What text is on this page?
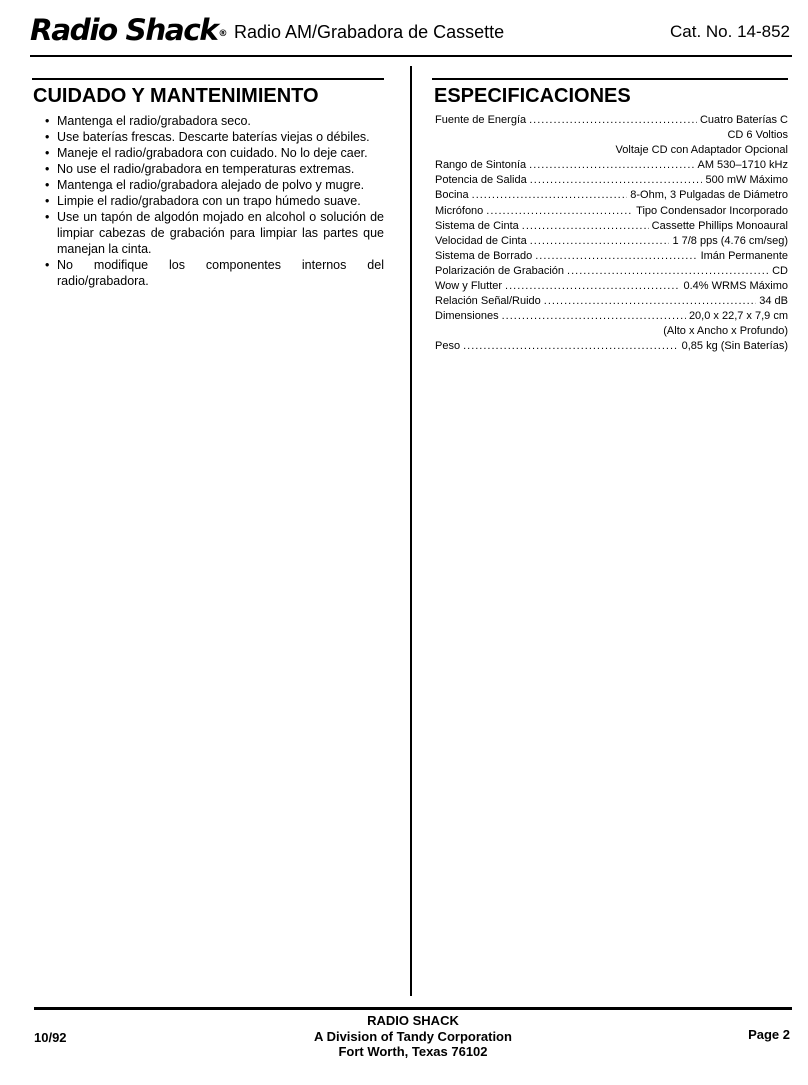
Radio Shack® Radio AM/Grabadora de Cassette	Cat. No. 14-852
CUIDADO Y MANTENIMIENTO
• Mantenga el radio/grabadora seco.
• Use baterías frescas. Descarte baterías viejas o débiles.
• Maneje el radio/grabadora con cuidado. No lo deje caer.
• No use el radio/grabadora en temperaturas extremas.
• Mantenga el radio/grabadora alejado de polvo y mugre.
• Limpie el radio/grabadora con un trapo húmedo suave.
• Use un tapón de algodón mojado en alcohol o solución de limpiar cabezas de grabación para limpiar las partes que manejan la cinta.
• No modifique los componentes internos del radio/grabadora.
ESPECIFICACIONES
Fuente de Energía .....	Cuatro Baterías C
CD 6 Voltios
Voltaje CD con Adaptador Opcional
Rango de Sintonía .....	AM 530–1710 kHz
Potencia de Salida .....	500 mW Máximo
Bocina .....	8-Ohm, 3 Pulgadas de Diámetro
Micrófono .....	Tipo Condensador Incorporado
Sistema de Cinta .....	Cassette Phillips Monoaural
Velocidad de Cinta .....	1 7/8 pps (4.76 cm/seg)
Sistema de Borrado .....	Imán Permanente
Polarización de Grabación .....	CD
Wow y Flutter .....	0.4% WRMS Máximo
Relación Señal/Ruido .....	34 dB
Dimensiones .....	20,0 x 22,7 x 7,9 cm
(Alto x Ancho x Profundo)
Peso .....	0,85 kg (Sin Baterías)
10/92
RADIO SHACK
A Division of Tandy Corporation
Fort Worth, Texas 76102
Page 2
